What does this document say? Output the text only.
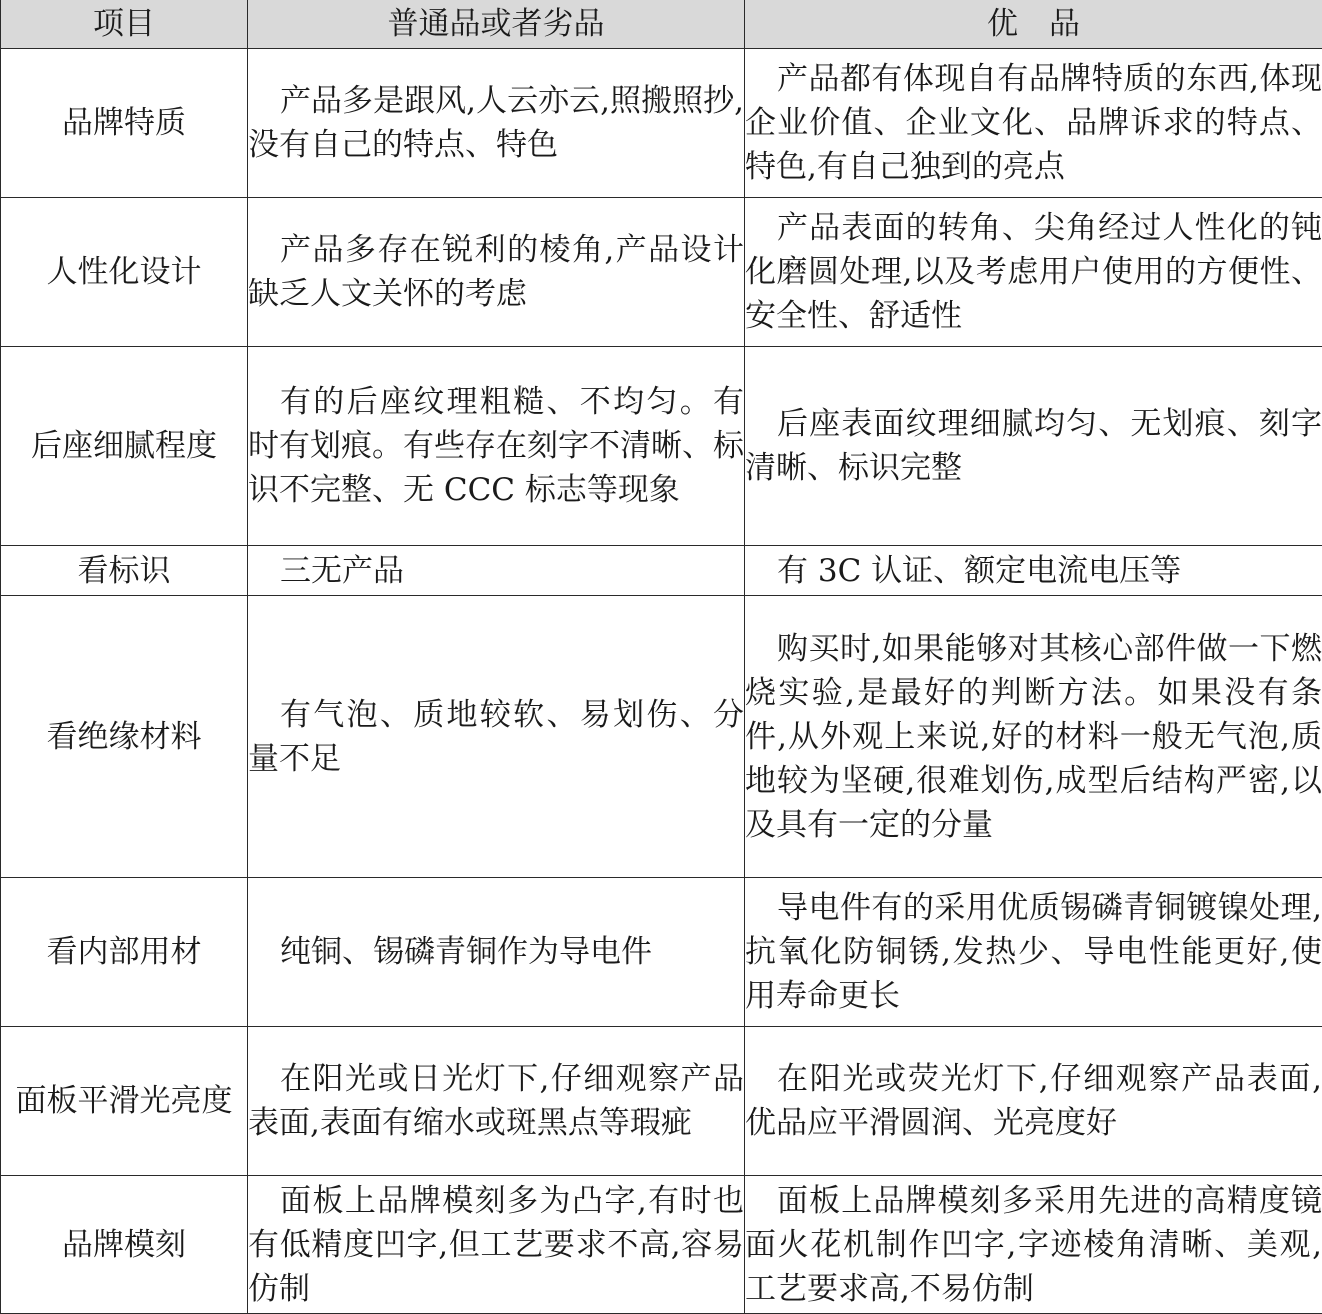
项目	普通品或者劣品	优　品
品牌特质	产品多是跟风,人云亦云,照搬照抄,没有自己的特点、特色	产品都有体现自有品牌特质的东西,体现企业价值、企业文化、品牌诉求的特点、特色,有自己独到的亮点
人性化设计	产品多存在锐利的棱角,产品设计缺乏人文关怀的考虑	产品表面的转角、尖角经过人性化的钝化磨圆处理,以及考虑用户使用的方便性、安全性、舒适性
后座细腻程度	有的后座纹理粗糙、不均匀。有时有划痕。有些存在刻字不清晰、标识不完整、无 CCC 标志等现象	后座表面纹理细腻均匀、无划痕、刻字清晰、标识完整
看标识	三无产品	有 3C 认证、额定电流电压等
看绝缘材料	有气泡、质地较软、易划伤、分量不足	购买时,如果能够对其核心部件做一下燃烧实验,是最好的判断方法。如果没有条件,从外观上来说,好的材料一般无气泡,质地较为坚硬,很难划伤,成型后结构严密,以及具有一定的分量
看内部用材	纯铜、锡磷青铜作为导电件	导电件有的采用优质锡磷青铜镀镍处理,抗氧化防铜锈,发热少、导电性能更好,使用寿命更长
面板平滑光亮度	在阳光或日光灯下,仔细观察产品表面,表面有缩水或斑黑点等瑕疵	在阳光或荧光灯下,仔细观察产品表面,优品应平滑圆润、光亮度好
品牌模刻	面板上品牌模刻多为凸字,有时也有低精度凹字,但工艺要求不高,容易仿制	面板上品牌模刻多采用先进的高精度镜面火花机制作凹字,字迹棱角清晰、美观,工艺要求高,不易仿制
